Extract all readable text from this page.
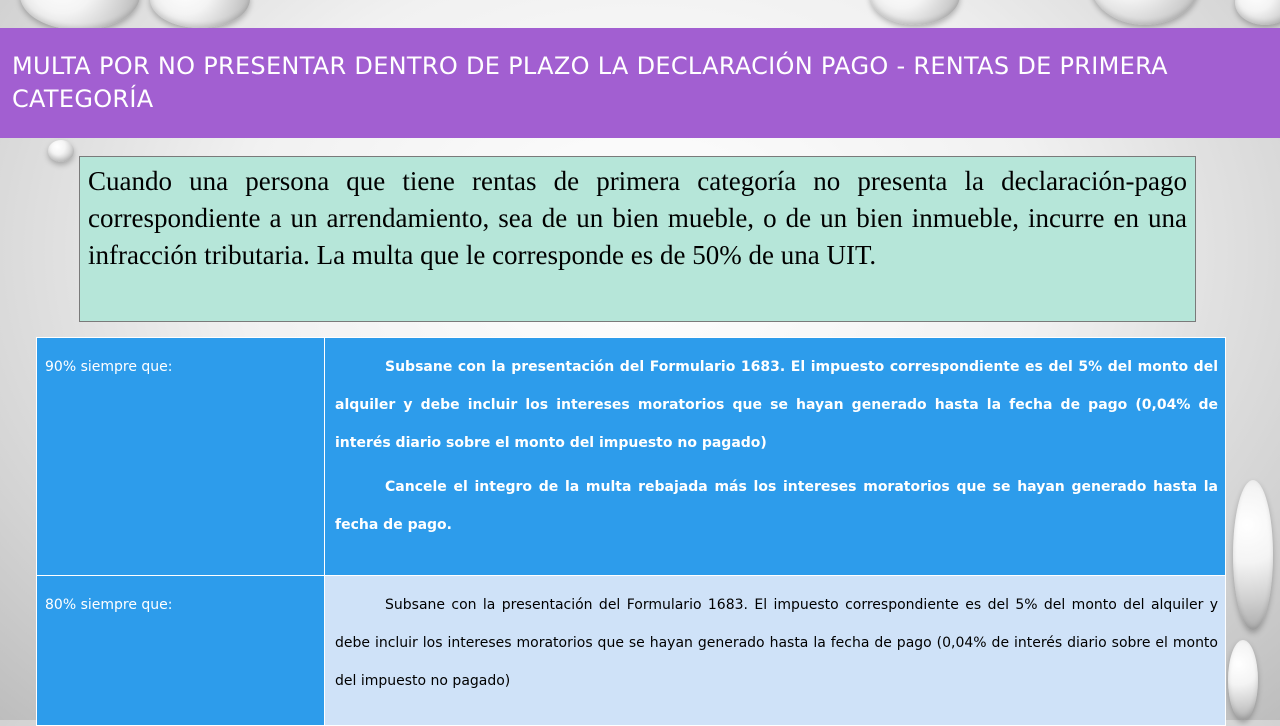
MULTA POR NO PRESENTAR DENTRO DE PLAZO LA DECLARACIÓN PAGO - RENTAS DE PRIMERA CATEGORÍA

Cuando una persona que tiene rentas de primera categoría no presenta la declaración-pago correspondiente a un arrendamiento, sea de un bien mueble, o de un bien inmueble, incurre en una infracción tributaria. La multa que le corresponde es de 50% de una UIT.

90% siempre que:	Subsane con la presentación del Formulario 1683. El impuesto correspondiente es del 5% del monto del alquiler y debe incluir los intereses moratorios que se hayan generado hasta la fecha de pago (0,04% de interés diario sobre el monto del impuesto no pagado)

Cancele el integro de la multa rebajada más los intereses moratorios que se hayan generado hasta la fecha de pago.

80% siempre que:	Subsane con la presentación del Formulario 1683. El impuesto correspondiente es del 5% del monto del alquiler y debe incluir los intereses moratorios que se hayan generado hasta la fecha de pago (0,04% de interés diario sobre el monto del impuesto no pagado)
